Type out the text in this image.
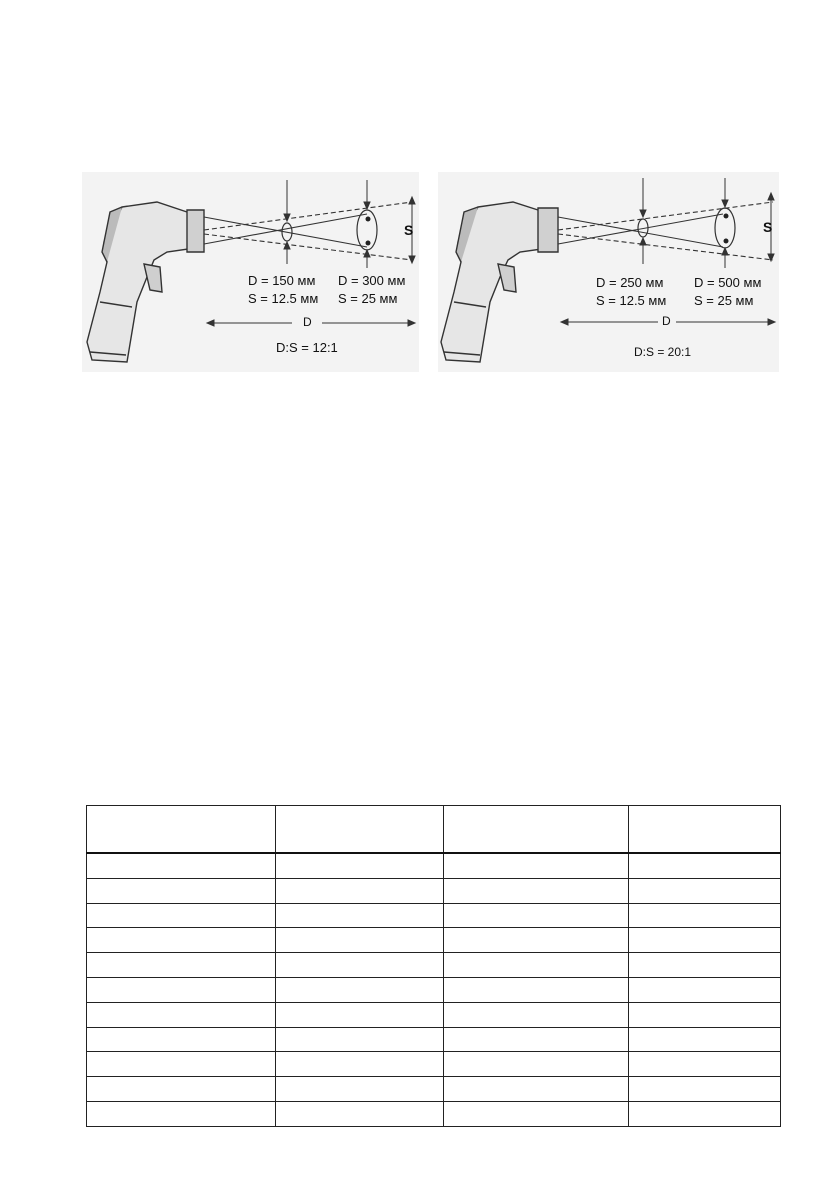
D = 150 мм
S = 12.5 мм
D = 300 мм
S = 25 мм
D
S
D:S = 12:1
D = 250 мм
S = 12.5 мм
D = 500 мм
S = 25 мм
D
S
D:S = 20:1
